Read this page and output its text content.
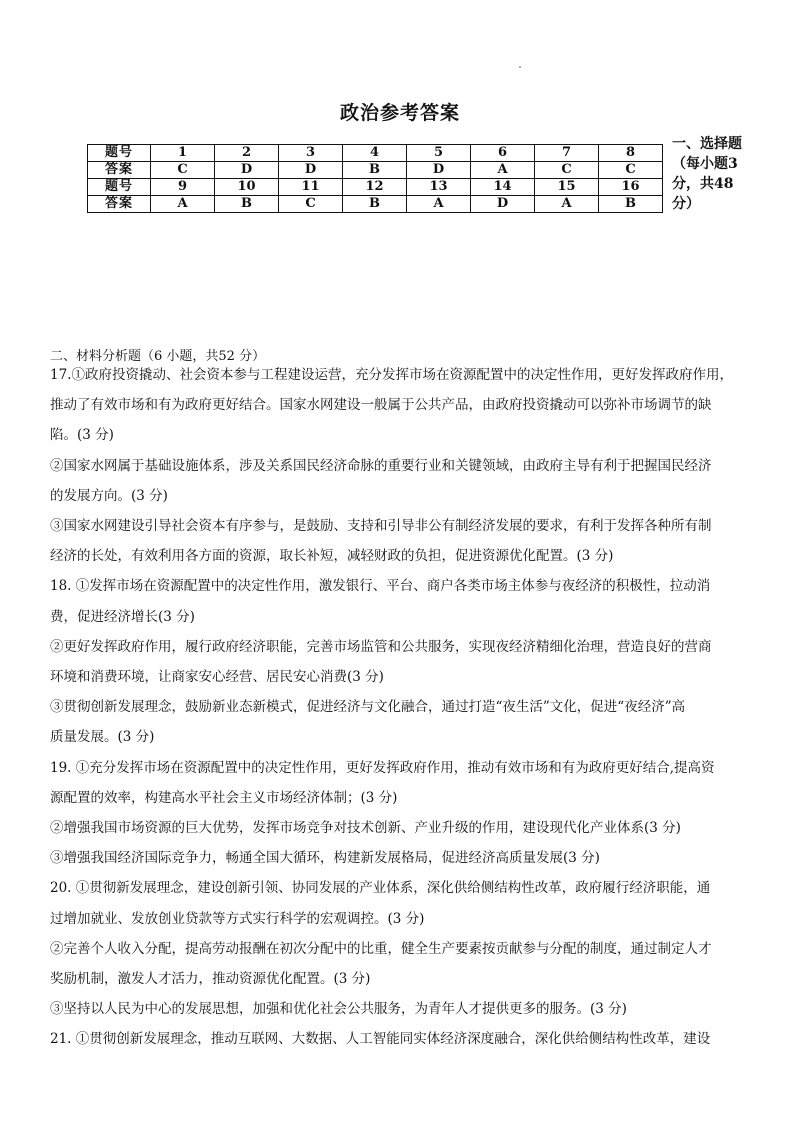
政治参考答案
题号	1	2	3	4	5	6	7	8
答案	C	D	D	B	D	A	C	C
题号	9	10	11	12	13	14	15	16
答案	A	B	C	B	A	D	A	B
一、选择题
（每小题3
分，共48
分）
二、材料分析题（6 小题，共52 分）

17.①政府投资撬动、社会资本参与工程建设运营，充分发挥市场在资源配置中的决定性作用，更好发挥政府作用，

推动了有效市场和有为政府更好结合。国家水网建设一般属于公共产品，由政府投资撬动可以弥补市场调节的缺

陷。(3 分)

②国家水网属于基础设施体系，涉及关系国民经济命脉的重要行业和关键领域，由政府主导有利于把握国民经济

的发展方向。(3 分)

③国家水网建设引导社会资本有序参与，是鼓励、支持和引导非公有制经济发展的要求，有利于发挥各种所有制

经济的长处，有效利用各方面的资源，取长补短，减轻财政的负担，促进资源优化配置。(3 分)

18. ①发挥市场在资源配置中的决定性作用，激发银行、平台、商户各类市场主体参与夜经济的积极性，拉动消

费，促进经济增长(3 分)

②更好发挥政府作用，履行政府经济职能，完善市场监管和公共服务，实现夜经济精细化治理，营造良好的营商

环境和消费环境，让商家安心经营、居民安心消费(3 分)

③贯彻创新发展理念，鼓励新业态新模式，促进经济与文化融合，通过打造“夜生活”文化，促进“夜经济”高

质量发展。(3 分)

19. ①充分发挥市场在资源配置中的决定性作用，更好发挥政府作用，推动有效市场和有为政府更好结合,提高资

源配置的效率，构建高水平社会主义市场经济体制；(3 分)

②增强我国市场资源的巨大优势，发挥市场竞争对技术创新、产业升级的作用，建设现代化产业体系(3 分)

③增强我国经济国际竞争力，畅通全国大循环，构建新发展格局，促进经济高质量发展(3 分)

20. ①贯彻新发展理念，建设创新引领、协同发展的产业体系，深化供给侧结构性改革，政府履行经济职能，通

过增加就业、发放创业贷款等方式实行科学的宏观调控。(3 分)

②完善个人收入分配，提高劳动报酬在初次分配中的比重，健全生产要素按贡献参与分配的制度，通过制定人才

奖励机制，激发人才活力，推动资源优化配置。(3 分)

③坚持以人民为中心的发展思想，加强和优化社会公共服务，为青年人才提供更多的服务。(3 分)

21. ①贯彻创新发展理念，推动互联网、大数据、人工智能同实体经济深度融合，深化供给侧结构性改革，建设
